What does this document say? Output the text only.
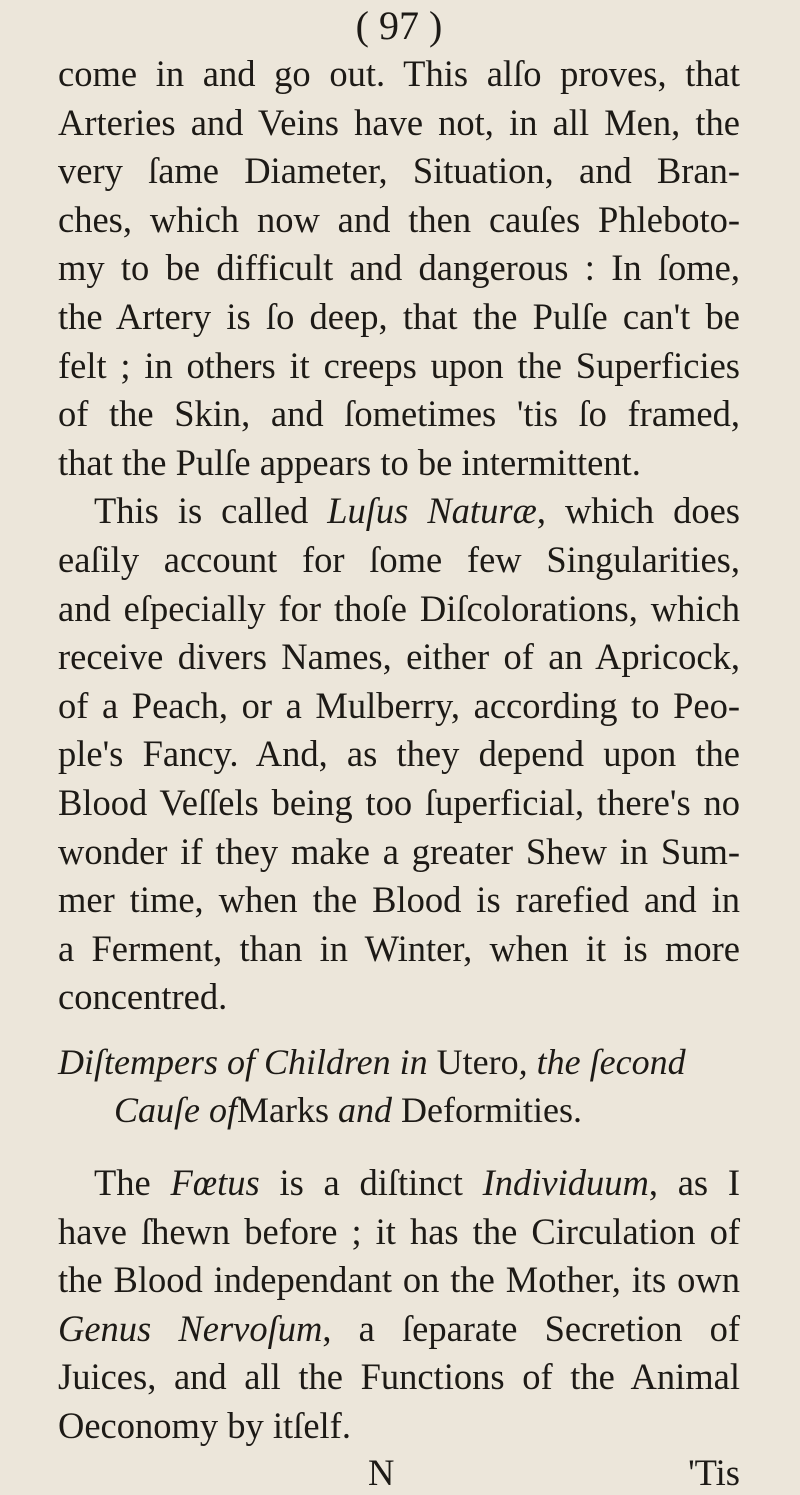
( 97 )
come in and go out. This alſo proves, that
Arteries and Veins have not, in all Men, the
very ſame Diameter, Situation, and Bran-
ches, which now and then cauſes Phleboto-
my to be difficult and dangerous : In ſome,
the Artery is ſo deep, that the Pulſe can't be
felt ; in others it creeps upon the Superficies
of the Skin, and ſometimes 'tis ſo framed,
that the Pulſe appears to be intermittent.
This is called Luſus Naturæ, which does
eaſily account for ſome few Singularities,
and eſpecially for thoſe Diſcolorations, which
receive divers Names, either of an Apricock,
of a Peach, or a Mulberry, according to Peo-
ple's Fancy. And, as they depend upon the
Blood Veſſels being too ſuperficial, there's no
wonder if they make a greater Shew in Sum-
mer time, when the Blood is rarefied and in
a Ferment, than in Winter, when it is more
concentred.
Diſtempers of Children in Utero, the ſecond
Cauſe ofMarks and Deformities.
The Fœtus is a diſtinct Individuum, as I
have ſhewn before ; it has the Circulation of
the Blood independant on the Mother, its own
Genus Nervoſum, a ſeparate Secretion of
Juices, and all the Functions of the Animal
Oeconomy by itſelf.
N	'Tis
